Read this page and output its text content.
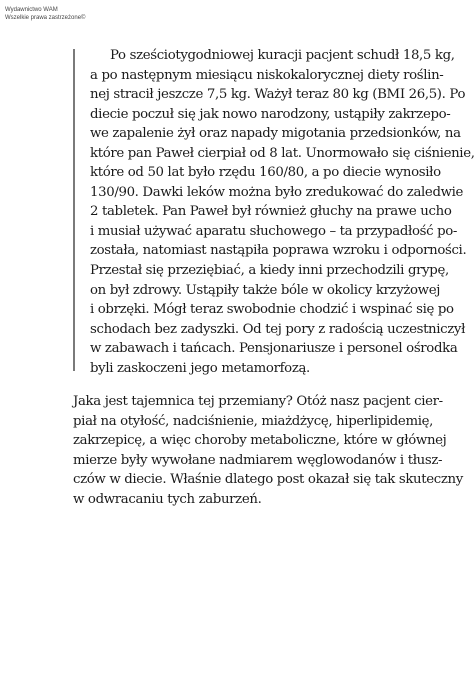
Wydawnictwo WAM
Wszelkie prawa zastrzeżone©
Po sześciotygodniowej kuracji pacjent schudł 18,5 kg,
a po następnym miesiącu niskokalorycznej diety roślin-
nej stracił jeszcze 7,5 kg. Ważył teraz 80 kg (BMI 26,5). Po
diecie poczuł się jak nowo narodzony, ustąpiły zakrzepo-
we zapalenie żył oraz napady migotania przedsionków, na
które pan Paweł cierpiał od 8 lat. Unormowało się ciśnienie,
które od 50 lat było rzędu 160/80, a po diecie wynosiło
130/90. Dawki leków można było zredukować do zaledwie
2 tabletek. Pan Paweł był również głuchy na prawe ucho
i musiał używać aparatu słuchowego – ta przypadłość po-
została, natomiast nastąpiła poprawa wzroku i odporności.
Przestał się przeziębiać, a kiedy inni przechodzili grypę,
on był zdrowy. Ustąpiły także bóle w okolicy krzyżowej
i obrzęki. Mógł teraz swobodnie chodzić i wspinać się po
schodach bez zadyszki. Od tej pory z radością uczestniczył
w zabawach i tańcach. Pensjonariusze i personel ośrodka
byli zaskoczeni jego metamorfozą.
Jaka jest tajemnica tej przemiany? Otóż nasz pacjent cier-
piał na otyłość, nadciśnienie, miażdżycę, hiperlipidemię,
zakrzepicę, a więc choroby metaboliczne, które w głównej
mierze były wywołane nadmiarem węglowodanów i tłusz-
czów w diecie. Właśnie dlatego post okazał się tak skuteczny
w odwracaniu tych zaburzeń.
